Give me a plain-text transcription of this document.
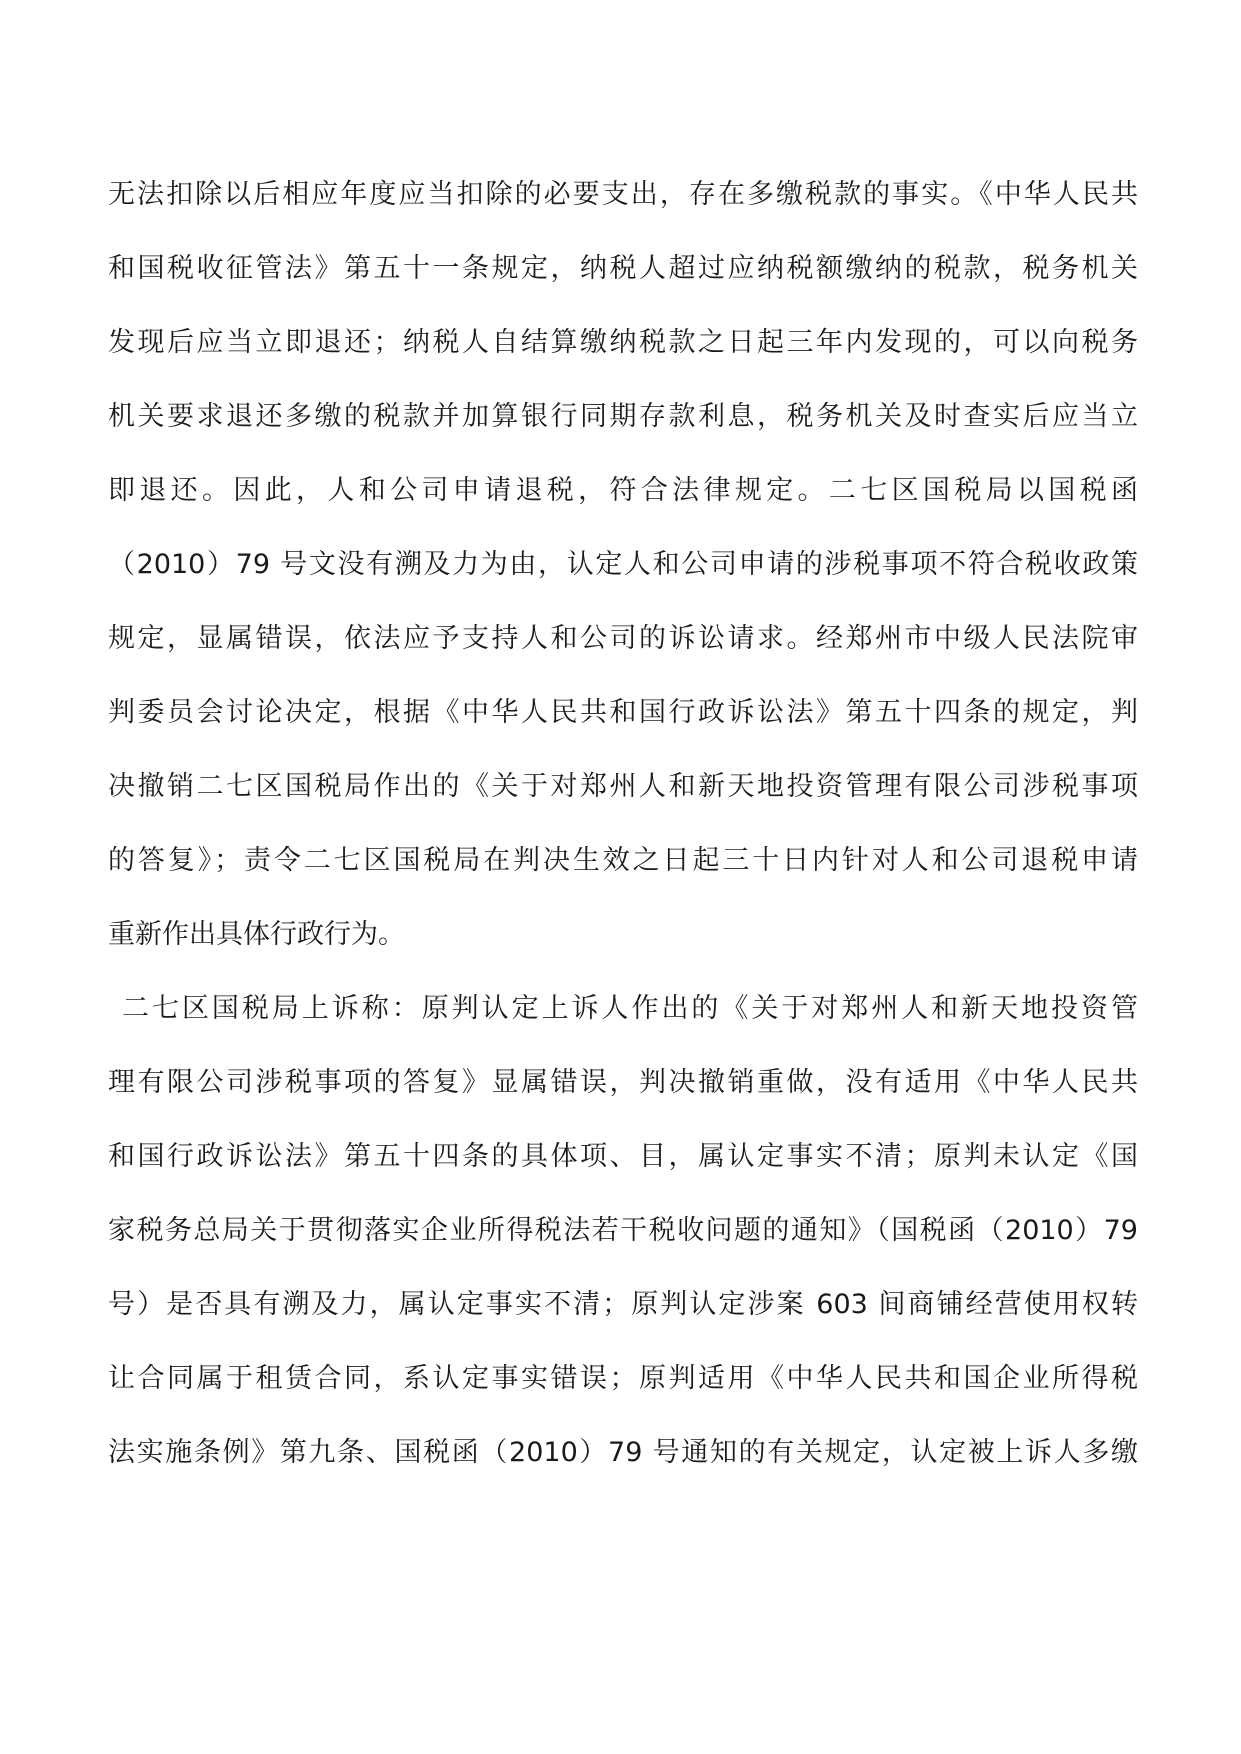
无法扣除以后相应年度应当扣除的必要支出，存在多缴税款的事实。《中华人民共
和国税收征管法》第五十一条规定，纳税人超过应纳税额缴纳的税款，税务机关
发现后应当立即退还；纳税人自结算缴纳税款之日起三年内发现的，可以向税务
机关要求退还多缴的税款并加算银行同期存款利息，税务机关及时查实后应当立
即退还。因此，人和公司申请退税，符合法律规定。二七区国税局以国税函
（2010）79 号文没有溯及力为由，认定人和公司申请的涉税事项不符合税收政策
规定，显属错误，依法应予支持人和公司的诉讼请求。经郑州市中级人民法院审
判委员会讨论决定，根据《中华人民共和国行政诉讼法》第五十四条的规定，判
决撤销二七区国税局作出的《关于对郑州人和新天地投资管理有限公司涉税事项
的答复》；责令二七区国税局在判决生效之日起三十日内针对人和公司退税申请
重新作出具体行政行为。
二七区国税局上诉称：原判认定上诉人作出的《关于对郑州人和新天地投资管
理有限公司涉税事项的答复》显属错误，判决撤销重做，没有适用《中华人民共
和国行政诉讼法》第五十四条的具体项、目，属认定事实不清；原判未认定《国
家税务总局关于贯彻落实企业所得税法若干税收问题的通知》（国税函（2010）79
号）是否具有溯及力，属认定事实不清；原判认定涉案 603 间商铺经营使用权转
让合同属于租赁合同，系认定事实错误；原判适用《中华人民共和国企业所得税
法实施条例》第九条、国税函（2010）79 号通知的有关规定，认定被上诉人多缴
